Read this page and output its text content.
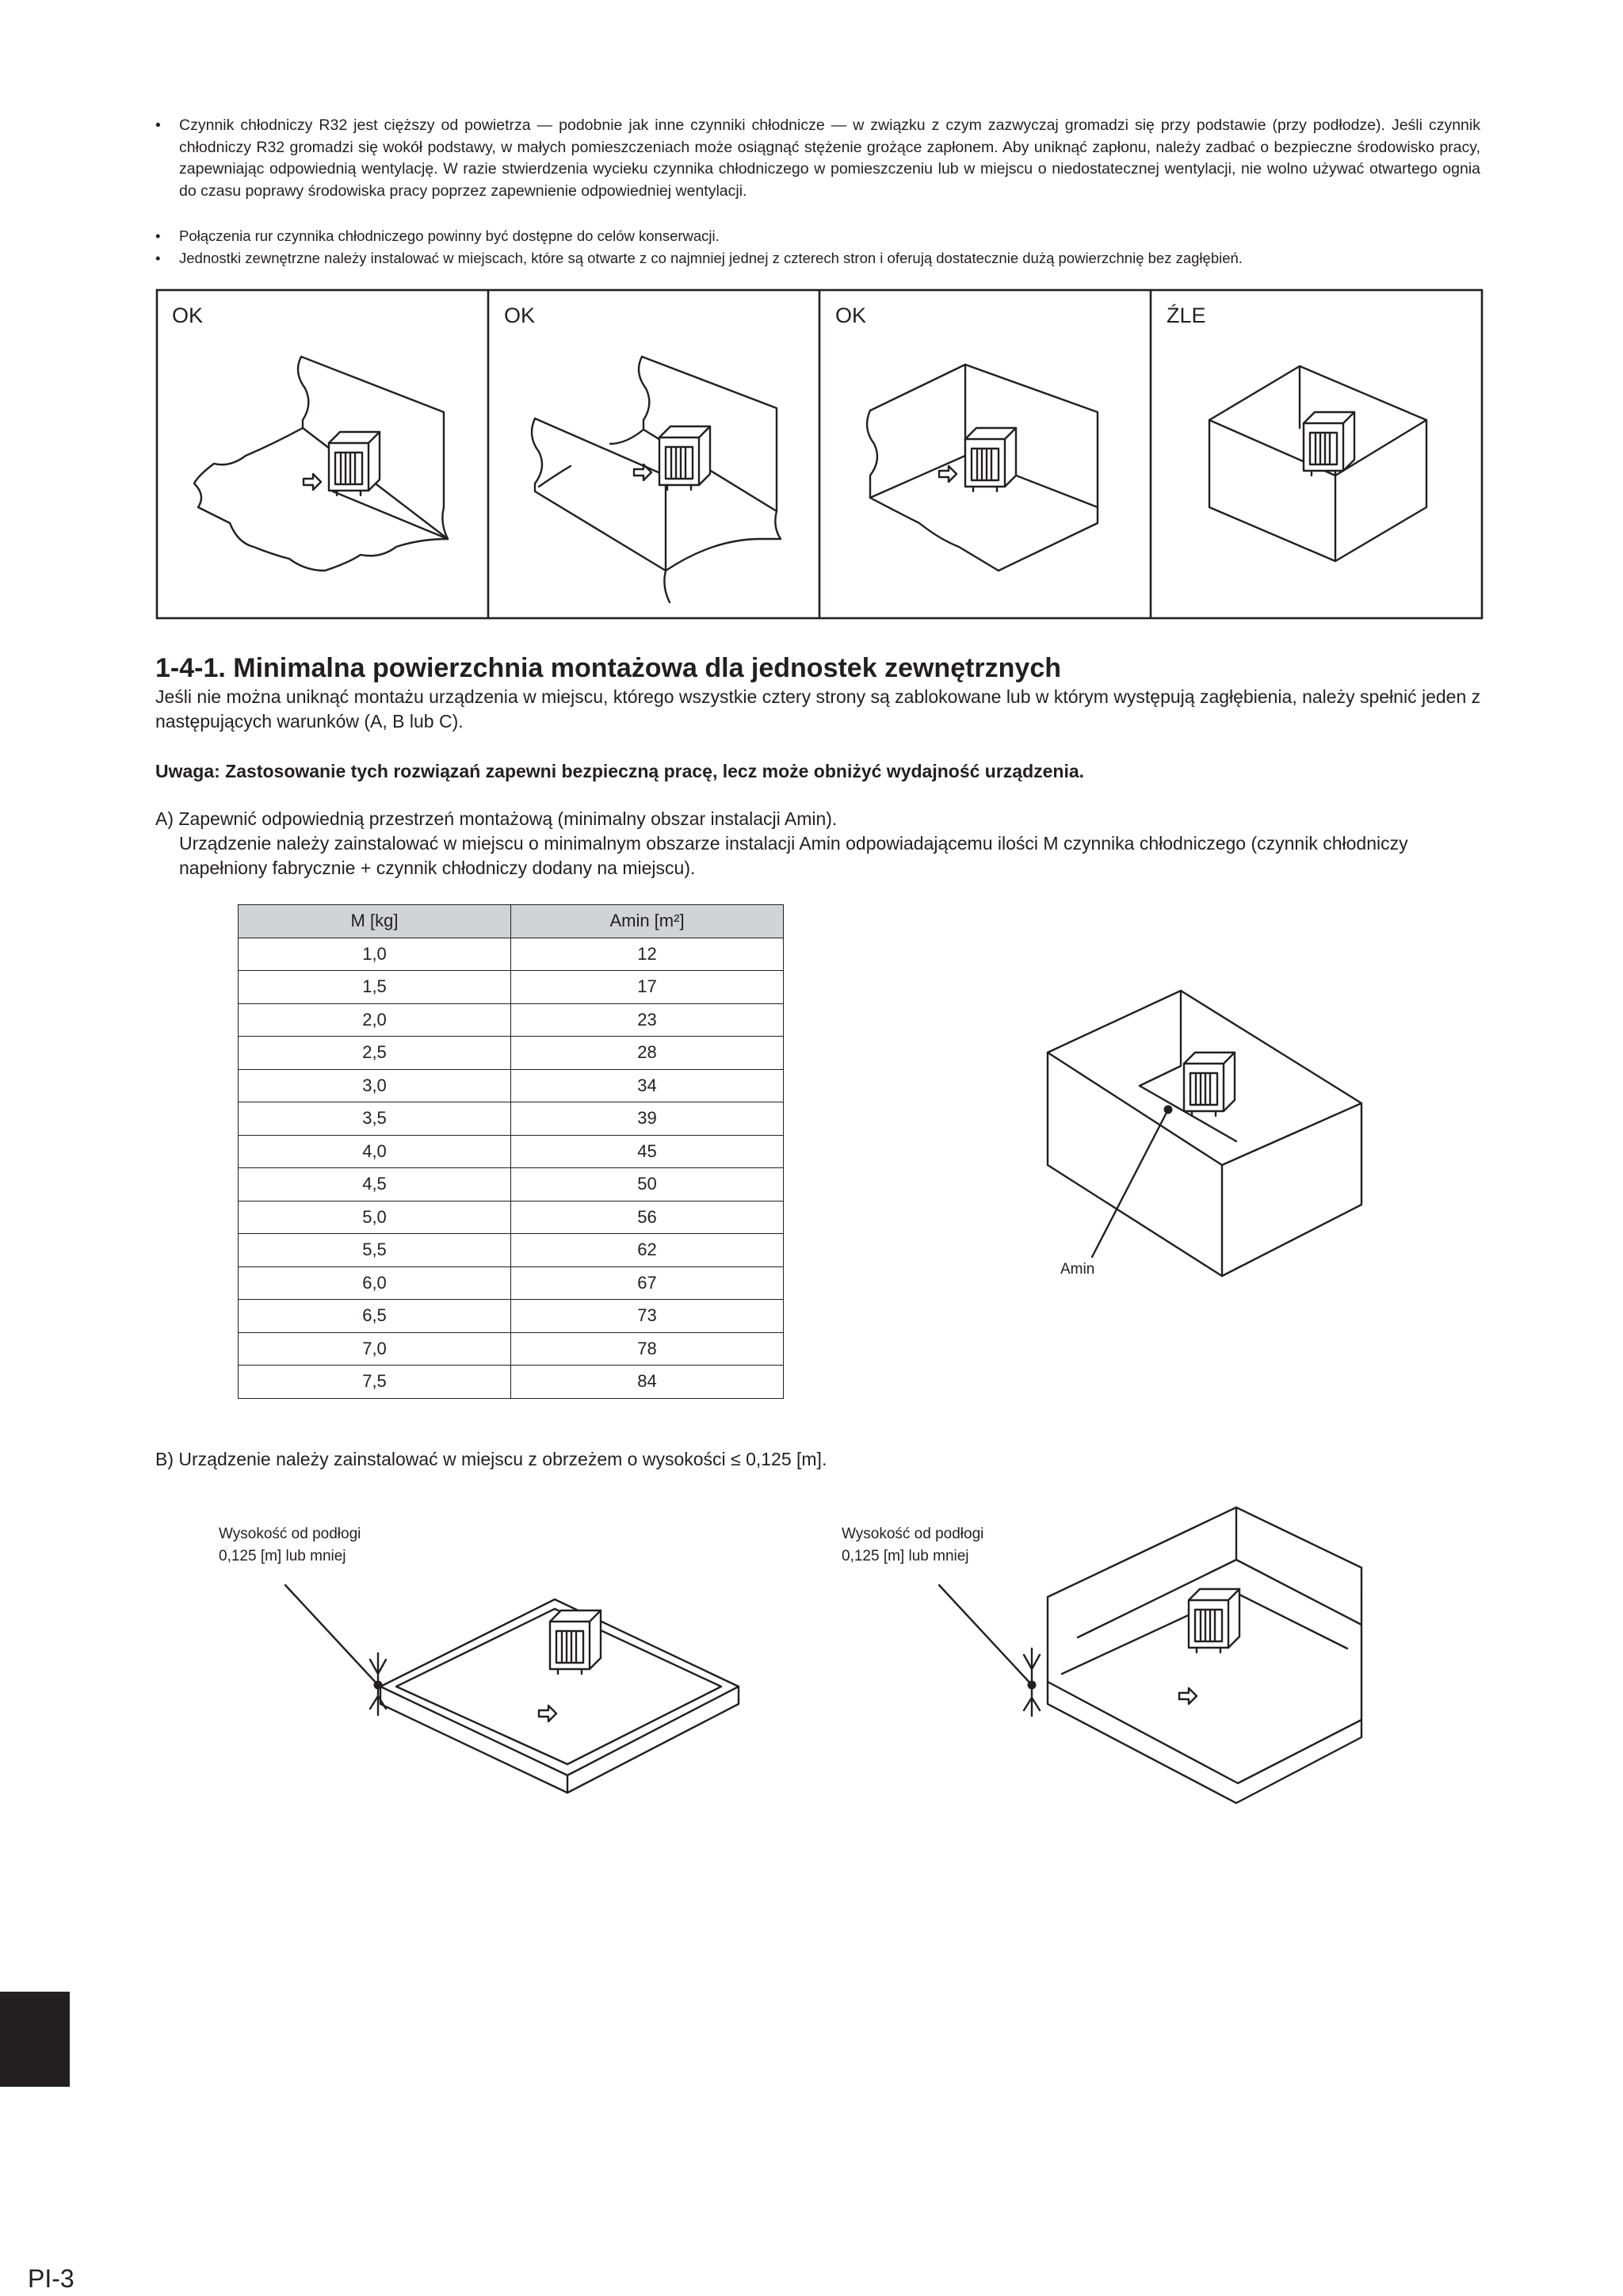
• Czynnik chłodniczy R32 jest cięższy od powietrza — podobnie jak inne czynniki chłodnicze — w związku z czym zazwyczaj gromadzi się przy podstawie (przy podłodze). Jeśli czynnik chłodniczy R32 gromadzi się wokół podstawy, w małych pomieszczeniach może osiągnąć stężenie grożące zapłonem. Aby uniknąć zapłonu, należy zadbać o bezpieczne środowisko pracy, zapewniając odpowiednią wentylację. W razie stwierdzenia wycieku czynnika chłodniczego w pomieszczeniu lub w miejscu o niedostatecznej wentylacji, nie wolno używać otwartego ognia do czasu poprawy środowiska pracy poprzez zapewnienie odpowiedniej wentylacji.
• Połączenia rur czynnika chłodniczego powinny być dostępne do celów konserwacji.
• Jednostki zewnętrzne należy instalować w miejscach, które są otwarte z co najmniej jednej z czterech stron i oferują dostatecznie dużą powierzchnię bez zagłębień.
OK	OK	OK	ŹLE
1-4-1. Minimalna powierzchnia montażowa dla jednostek zewnętrznych
Jeśli nie można uniknąć montażu urządzenia w miejscu, którego wszystkie cztery strony są zablokowane lub w którym występują zagłębienia, należy spełnić jeden z następujących warunków (A, B lub C).
Uwaga: Zastosowanie tych rozwiązań zapewni bezpieczną pracę, lecz może obniżyć wydajność urządzenia.
A) Zapewnić odpowiednią przestrzeń montażową (minimalny obszar instalacji Amin).
Urządzenie należy zainstalować w miejscu o minimalnym obszarze instalacji Amin odpowiadającemu ilości M czynnika chłodniczego (czynnik chłodniczy napełniony fabrycznie + czynnik chłodniczy dodany na miejscu).
M [kg]	Amin [m²]
1,0	12
1,5	17
2,0	23
2,5	28
3,0	34
3,5	39
4,0	45
4,5	50
5,0	56
5,5	62
6,0	67
6,5	73
7,0	78
7,5	84
Amin
B) Urządzenie należy zainstalować w miejscu z obrzeżem o wysokości ≤ 0,125 [m].
Wysokość od podłogi
0,125 [m] lub mniej
Wysokość od podłogi
0,125 [m] lub mniej
PI-3
